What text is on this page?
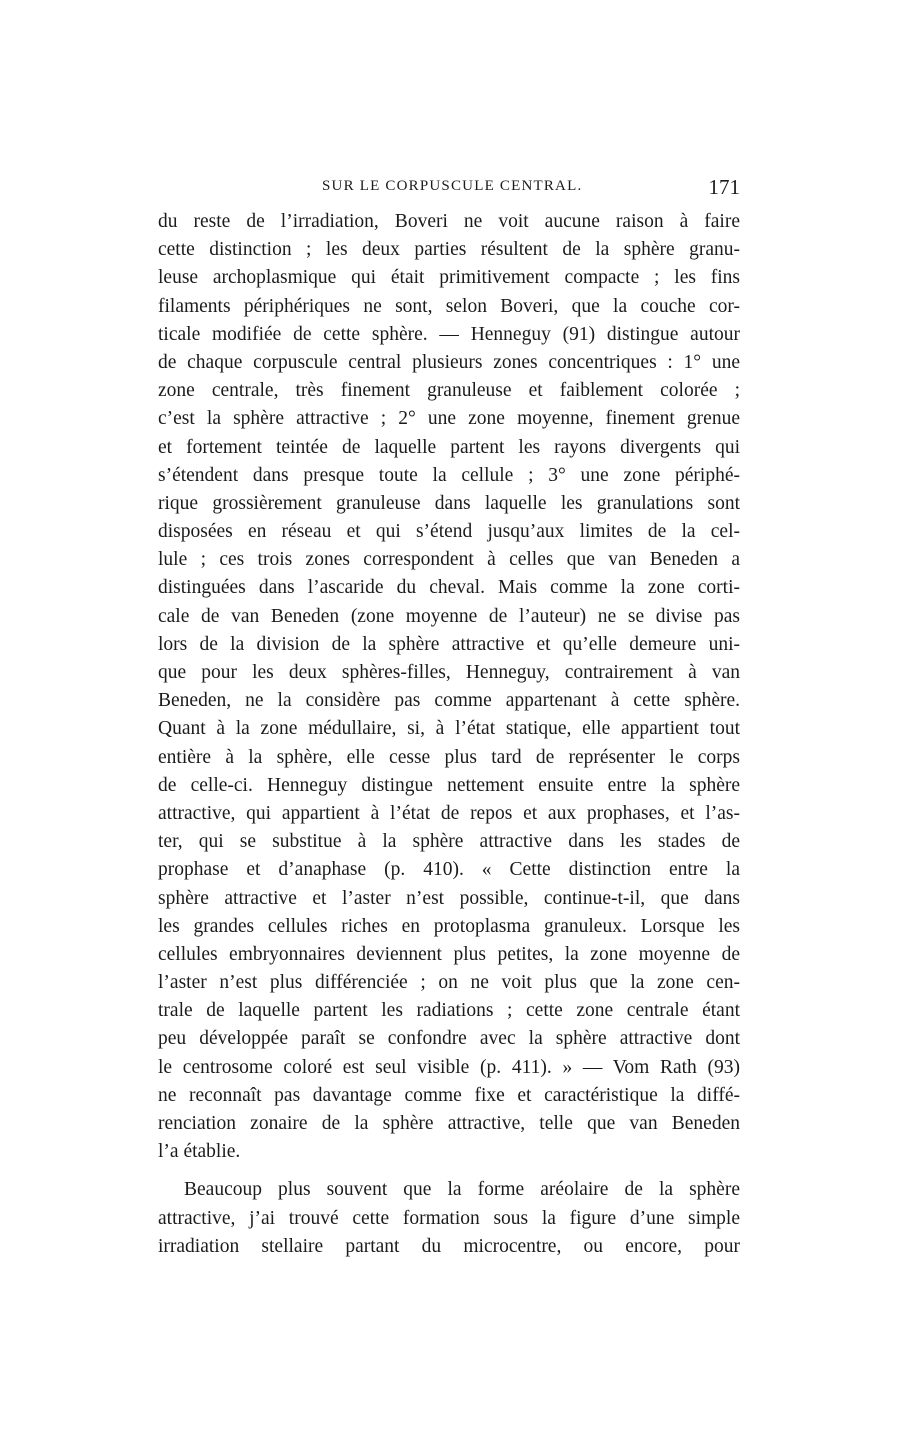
SUR LE CORPUSCULE CENTRAL.	171
du reste de l’irradiation, Boveri ne voit aucune raison à faire
cette distinction ; les deux parties résultent de la sphère granu-
leuse archoplasmique qui était primitivement compacte ; les fins
filaments périphériques ne sont, selon Boveri, que la couche cor-
ticale modifiée de cette sphère. — Henneguy (91) distingue autour
de chaque corpuscule central plusieurs zones concentriques : 1° une
zone centrale, très finement granuleuse et faiblement colorée ;
c’est la sphère attractive ; 2° une zone moyenne, finement grenue
et fortement teintée de laquelle partent les rayons divergents qui
s’étendent dans presque toute la cellule ; 3° une zone périphé-
rique grossièrement granuleuse dans laquelle les granulations sont
disposées en réseau et qui s’étend jusqu’aux limites de la cel-
lule ; ces trois zones correspondent à celles que van Beneden a
distinguées dans l’ascaride du cheval. Mais comme la zone corti-
cale de van Beneden (zone moyenne de l’auteur) ne se divise pas
lors de la division de la sphère attractive et qu’elle demeure uni-
que pour les deux sphères-filles, Henneguy, contrairement à van
Beneden, ne la considère pas comme appartenant à cette sphère.
Quant à la zone médullaire, si, à l’état statique, elle appartient tout
entière à la sphère, elle cesse plus tard de représenter le corps
de celle-ci. Henneguy distingue nettement ensuite entre la sphère
attractive, qui appartient à l’état de repos et aux prophases, et l’as-
ter, qui se substitue à la sphère attractive dans les stades de
prophase et d’anaphase (p. 410). « Cette distinction entre la
sphère attractive et l’aster n’est possible, continue-t-il, que dans
les grandes cellules riches en protoplasma granuleux. Lorsque les
cellules embryonnaires deviennent plus petites, la zone moyenne de
l’aster n’est plus différenciée ; on ne voit plus que la zone cen-
trale de laquelle partent les radiations ; cette zone centrale étant
peu développée paraît se confondre avec la sphère attractive dont
le centrosome coloré est seul visible (p. 411). » — Vom Rath (93)
ne reconnaît pas davantage comme fixe et caractéristique la diffé-
renciation zonaire de la sphère attractive, telle que van Beneden
l’a établie.
Beaucoup plus souvent que la forme aréolaire de la sphère
attractive, j’ai trouvé cette formation sous la figure d’une simple
irradiation stellaire partant du microcentre, ou encore, pour
